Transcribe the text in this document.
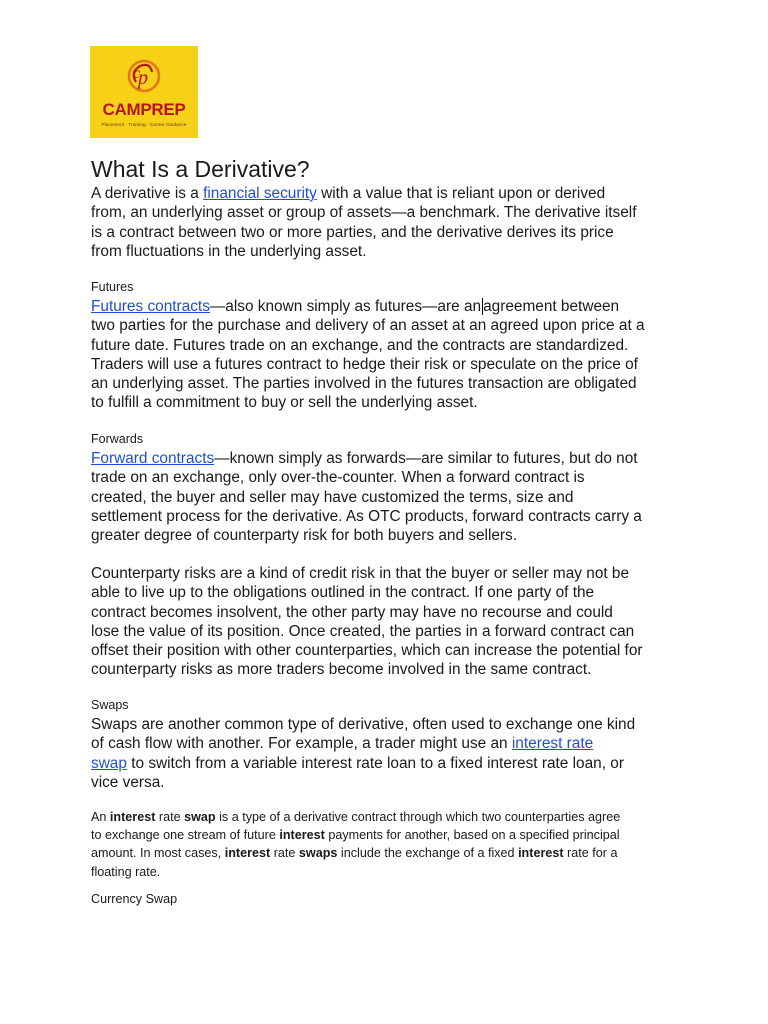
p
c
CAMPREP
Placement · Training · Career Guidance
What Is a Derivative?

A derivative is a financial security with a value that is reliant upon or derived
from, an underlying asset or group of assets—a benchmark. The derivative itself
is a contract between two or more parties, and the derivative derives its price
from fluctuations in the underlying asset.

Futures

Futures contracts—also known simply as futures—are an agreement between
two parties for the purchase and delivery of an asset at an agreed upon price at a
future date. Futures trade on an exchange, and the contracts are standardized.
Traders will use a futures contract to hedge their risk or speculate on the price of
an underlying asset. The parties involved in the futures transaction are obligated
to fulfill a commitment to buy or sell the underlying asset.

Forwards

Forward contracts—known simply as forwards—are similar to futures, but do not
trade on an exchange, only over-the-counter. When a forward contract is
created, the buyer and seller may have customized the terms, size and
settlement process for the derivative. As OTC products, forward contracts carry a
greater degree of counterparty risk for both buyers and sellers.

Counterparty risks are a kind of credit risk in that the buyer or seller may not be
able to live up to the obligations outlined in the contract. If one party of the
contract becomes insolvent, the other party may have no recourse and could
lose the value of its position. Once created, the parties in a forward contract can
offset their position with other counterparties, which can increase the potential for
counterparty risks as more traders become involved in the same contract.

Swaps

Swaps are another common type of derivative, often used to exchange one kind
of cash flow with another. For example, a trader might use an interest rate
swap to switch from a variable interest rate loan to a fixed interest rate loan, or
vice versa.

An interest rate swap is a type of a derivative contract through which two counterparties agree
to exchange one stream of future interest payments for another, based on a specified principal
amount. In most cases, interest rate swaps include the exchange of a fixed interest rate for a
floating rate.

Currency Swap
